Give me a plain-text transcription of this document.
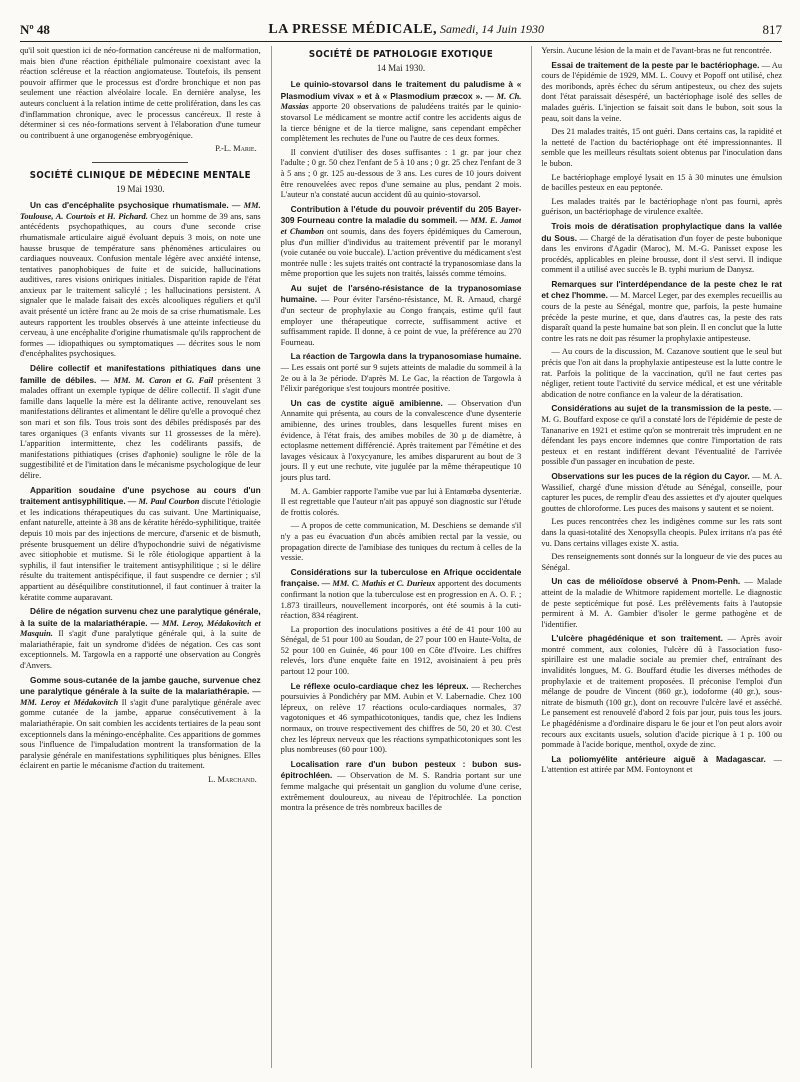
Nº 48	LA PRESSE MÉDICALE, Samedi, 14 Juin 1930	817

qu'il soit question ici de néo-formation cancéreuse ni de malformation, mais bien d'une réaction épithéliale pulmonaire coexistant avec la réaction scléreuse et la réaction angiomateuse. Toutefois, ils pensent pouvoir affirmer que le processus est d'ordre bronchique et non pas seulement une réaction alvéolaire locale. En dernière analyse, les auteurs concluent à la relation intime de cette prolifération, dans les cas d'inflammation chronique, avec le processus cancéreux. Il reste à déterminer si ces néo-formations servent à l'élaboration d'une tumeur ou contribuent à une organogenèse embryogénique.

P.-L. Marie.

SOCIÉTÉ CLINIQUE DE MÉDECINE MENTALE

19 Mai 1930.

Un cas d'encéphalite psychosique rhumatismale. — MM. Toulouse, A. Courtois et H. Pichard. Chez un homme de 39 ans, sans antécédents psychopathiques, au cours d'une seconde crise rhumatismale articulaire aiguë évoluant depuis 3 mois, on note une hausse brusque de température sans phénomènes articulaires ou cardiaques nouveaux. Confusion mentale légère avec anxiété intense, tentatives panophobiques de fuite et de suicide, hallucinations auditives, rares visions oniriques initiales. Disparition rapide de l'état anxieux par le traitement salicylé ; les hallucinations persistent. A signaler que le malade faisait des excès alcooliques réguliers et qu'il avait présenté un ictère franc au 2e mois de sa crise rhumatismale. Les auteurs rapportent les troubles observés à une atteinte infectieuse du cerveau, à une encéphalite d'origine rhumatismale qu'ils rapprochent de formes — idiopathiques ou symptomatiques — décrites sous le nom d'encéphalites psychosiques.

Délire collectif et manifestations pithiatiques dans une famille de débiles. — MM. M. Caron et G. Fail présentent 3 malades offrant un exemple typique de délire collectif. Il s'agit d'une famille dans laquelle la mère est la délirante active, renouvelant ses manifestations délirantes et alimentant le délire qu'elle a provoqué chez son mari et son fils. Tous trois sont des débiles prédisposés par des tares organiques (3 enfants vivants sur 11 grossesses de la mère). L'apparition intermittente, chez les codélirants passifs, de manifestations pithiatiques (crises d'aphonie) souligne le rôle de la suggestibilité et de l'imitation dans le mécanisme psychologique de leur délire.

Apparition soudaine d'une psychose au cours d'un traitement antisyphilitique. — M. Paul Courbon discute l'étiologie et les indications thérapeutiques du cas suivant. Une Martiniquaise, enfant naturelle, atteinte à 38 ans de kératite hérédo-syphilitique, traitée depuis 10 mois par des injections de mercure, d'arsenic et de bismuth, présente brusquement un délire d'hypochondrie suivi de négativisme avec sitiophobie et mutisme. Si le rôle étiologique appartient à la syphilis, il faut intensifier le traitement antisyphilitique ; si le délire résulte du traitement antispécifique, il faut suspendre ce dernier ; s'il appartient au déséquilibre constitutionnel, il faut continuer à traiter la kératite comme auparavant.

Délire de négation survenu chez une paralytique générale, à la suite de la malariathérapie. — MM. Leroy, Médakovitch et Masquin. Il s'agit d'une paralytique générale qui, à la suite de malariathérapie, fait un syndrome d'idées de négation. Ces cas sont exceptionnels. M. Targowla en a rapporté une observation au Congrès d'Anvers.

Gomme sous-cutanée de la jambe gauche, survenue chez une paralytique générale à la suite de la malariathérapie. — MM. Leroy et Médakovitch Il s'agit d'une paralytique générale avec gomme cutanée de la jambe, apparue consécutivement à la malariathérapie. On sait combien les accidents tertiaires de la peau sont exceptionnels dans la méningo-encéphalite. Ces apparitions de gommes sous l'influence de l'impaludation montrent la transformation de la paralysie générale en manifestations syphilitiques plus bénignes. Elles éclairent en partie le mécanisme d'action du traitement.

L. Marchand.

SOCIÉTÉ DE PATHOLOGIE EXOTIQUE

14 Mai 1930.

Le quinio-stovarsol dans le traitement du paludisme à « Plasmodium vivax » et à « Plasmodium præcox ». — M. Ch. Massias apporte 20 observations de paludéens traités par le quinio-stovarsol Le médicament se montre actif contre les accidents aigus de la tierce bénigne et de la tierce maligne, sans cependant empêcher complètement les rechutes de l'une ou l'autre de ces deux formes.

Il convient d'utiliser des doses suffisantes : 1 gr. par jour chez l'adulte ; 0 gr. 50 chez l'enfant de 5 à 10 ans ; 0 gr. 25 chez l'enfant de 3 à 5 ans ; 0 gr. 125 au-dessous de 3 ans. Les cures de 10 jours doivent être renouvelées avec repos d'une semaine au plus, pendant 2 mois. L'auteur n'a constaté aucun accident dû au quinio-stovarsol.

Contribution à l'étude du pouvoir préventif du 205 Bayer-309 Fourneau contre la maladie du sommeil. — MM. E. Jamot et Chambon ont soumis, dans des foyers épidémiques du Cameroun, plus d'un millier d'individus au traitement préventif par le moranyl (voie cutanée ou voie buccale). L'action préventive du médicament s'est montrée nulle : les sujets traités ont contracté la trypanosomiase dans la même proportion que les sujets non traités, laissés comme témoins.

Au sujet de l'arséno-résistance de la trypanosomiase humaine. — Pour éviter l'arséno-résistance, M. R. Arnaud, chargé d'un secteur de prophylaxie au Congo français, estime qu'il faut employer une thérapeutique correcte, suffisamment active et suffisamment rapide. Il donne, à ce point de vue, la préférence au 270 Fourneau.

La réaction de Targowla dans la trypanosomiase humaine. — Les essais ont porté sur 9 sujets atteints de maladie du sommeil à la 2e ou à la 3e période. D'après M. Le Gac, la réaction de Targowla à l'élixir parégorique s'est toujours montrée positive.

Un cas de cystite aiguë amibienne. — Observation d'un Annamite qui présenta, au cours de la convalescence d'une dysenterie amibienne, des urines troubles, dans lesquelles furent mises en évidence, à l'état frais, des amibes mobiles de 30 µ de diamètre, à ectoplasme nettement différencié. Après traitement par l'émétine et des lavages vésicaux à l'oxycyanure, les amibes disparurent au bout de 3 jours. Il y eut une rechute, vite jugulée par la même thérapeutique 10 jours plus tard.

M. A. Gambier rapporte l'amibe vue par lui à Entamœba dysenteriæ. Il est regrettable que l'auteur n'ait pas appuyé son diagnostic sur l'étude de frottis colorés.

— A propos de cette communication, M. Deschiens se demande s'il n'y a pas eu évacuation d'un abcès amibien rectal par la vessie, ou propagation directe de l'amibiase des tuniques du rectum à celles de la vessie.

Considérations sur la tuberculose en Afrique occidentale française. — MM. C. Mathis et C. Durieux apportent des documents confirmant la notion que la tuberculose est en progression en A. O. F. ; 1.873 tirailleurs, nouvellement incorporés, ont été soumis à la cuti-réaction, 834 réagirent.

La proportion des inoculations positives a été de 41 pour 100 au Sénégal, de 51 pour 100 au Soudan, de 27 pour 100 en Haute-Volta, de 52 pour 100 en Guinée, 46 pour 100 en Côte d'Ivoire. Les chiffres relevés, lors d'une enquête faite en 1912, avoisinaient à peu près partout 12 pour 100.

Le réflexe oculo-cardiaque chez les lépreux. — Recherches poursuivies à Pondichéry par MM. Aubin et V. Labernadie. Chez 100 lépreux, on relève 17 réactions oculo-cardiaques normales, 37 vagotoniques et 46 sympathicotoniques, tandis que, chez les Indiens normaux, on trouve respectivement des chiffres de 50, 20 et 30. C'est chez les lépreux nerveux que les réactions sympathicotoniques sont les plus nombreuses (60 pour 100).

Localisation rare d'un bubon pesteux : bubon sus-épitrochléen. — Observation de M. S. Randria portant sur une femme malgache qui présentait un ganglion du volume d'une cerise, extrêmement douloureux, au niveau de l'épitrochlée. La ponction montra la présence de très nombreux bacilles de

Yersin. Aucune lésion de la main et de l'avant-bras ne fut rencontrée.

Essai de traitement de la peste par le bactériophage. — Au cours de l'épidémie de 1929, MM. L. Couvy et Popoff ont utilisé, chez des moribonds, après échec du sérum antipesteux, ou chez des sujets dont l'état paraissait désespéré, un bactériophage isolé des selles de malades guéris. L'injection se faisait soit dans le bubon, soit sous la peau, soit dans la veine.

Des 21 malades traités, 15 ont guéri. Dans certains cas, la rapidité et la netteté de l'action du bactériophage ont été impressionnantes. Il semble que les meilleurs résultats soient obtenus par l'inoculation dans le bubon.

Le bactériophage employé lysait en 15 à 30 minutes une émulsion de bacilles pesteux en eau peptonée.

Les malades traités par le bactériophage n'ont pas fourni, après guérison, un bactériophage de virulence exaltée.

Trois mois de dératisation prophylactique dans la vallée du Sous. — Chargé de la dératisation d'un foyer de peste bubonique dans les environs d'Agadir (Maroc), M. M.-G. Panisset expose les procédés, applicables en pleine brousse, dont il s'est servi. Il indique comment il a utilisé avec succès le B. typhi murium de Danysz.

Remarques sur l'interdépendance de la peste chez le rat et chez l'homme. — M. Marcel Leger, par des exemples recueillis au cours de la peste au Sénégal, montre que, parfois, la peste humaine précède la peste murine, et que, dans d'autres cas, la peste des rats disparaît quand la peste humaine bat son plein. Il en conclut que la lutte contre les rats ne doit pas résumer la prophylaxie antipesteuse.

— Au cours de la discussion, M. Cazanove soutient que le seul but précis que l'on ait dans la prophylaxie antipesteuse est la lutte contre le rat. Parfois la politique de la vaccination, qu'il ne faut certes pas négliger, retient toute l'activité du service médical, et est une véritable abdication de notre confiance en la valeur de la dératisation.

Considérations au sujet de la transmission de la peste. — M. G. Bouffard expose ce qu'il a constaté lors de l'épidémie de peste de Tananarive en 1921 et estime qu'on se montrerait très imprudent en ne défendant les pays encore indemnes que contre l'importation de rats pesteux et en restant indifférent devant l'éventualité de l'arrivée possible d'un passager en incubation de peste.

Observations sur les puces de la région du Cayor. — M. A. Wassilief, chargé d'une mission d'étude au Sénégal, conseille, pour capturer les puces, de remplir d'eau des assiettes et d'y ajouter quelques gouttes de chloroforme. Les puces des maisons y sautent et se noient.

Les puces rencontrées chez les indigènes comme sur les rats sont dans la quasi-totalité des Xenopsylla cheopis. Pulex irritans n'a pas été vu. Dans certains villages existe X. astia.

Des renseignements sont donnés sur la longueur de vie des puces au Sénégal.

Un cas de mélioïdose observé à Pnom-Penh. — Malade atteint de la maladie de Whitmore rapidement mortelle. Le diagnostic de peste septicémique fut posé. Les prélèvements faits à l'autopsie permirent à M. A. Gambier d'isoler le germe pathogène et de l'identifier.

L'ulcère phagédénique et son traitement. — Après avoir montré comment, aux colonies, l'ulcère dû à l'association fuso-spirillaire est une maladie sociale au premier chef, entraînant des invalidités longues, M. G. Bouffard étudie les diverses méthodes de prophylaxie et de traitement proposées. Il préconise l'emploi d'un mélange de poudre de Vincent (860 gr.), iodoforme (40 gr.), sous-nitrate de bismuth (100 gr.), dont on recouvre l'ulcère lavé et asséché. Le pansement est renouvelé d'abord 2 fois par jour, puis tous les jours. Le phagédénisme a d'ordinaire disparu le 6e jour et l'on peut alors avoir recours aux excitants usuels, solution d'acide picrique à 1 p. 100 ou pommade à l'acide borique, menthol, oxyde de zinc.

La poliomyélite antérieure aiguë à Madagascar. — L'attention est attirée par MM. Fontoynont et
